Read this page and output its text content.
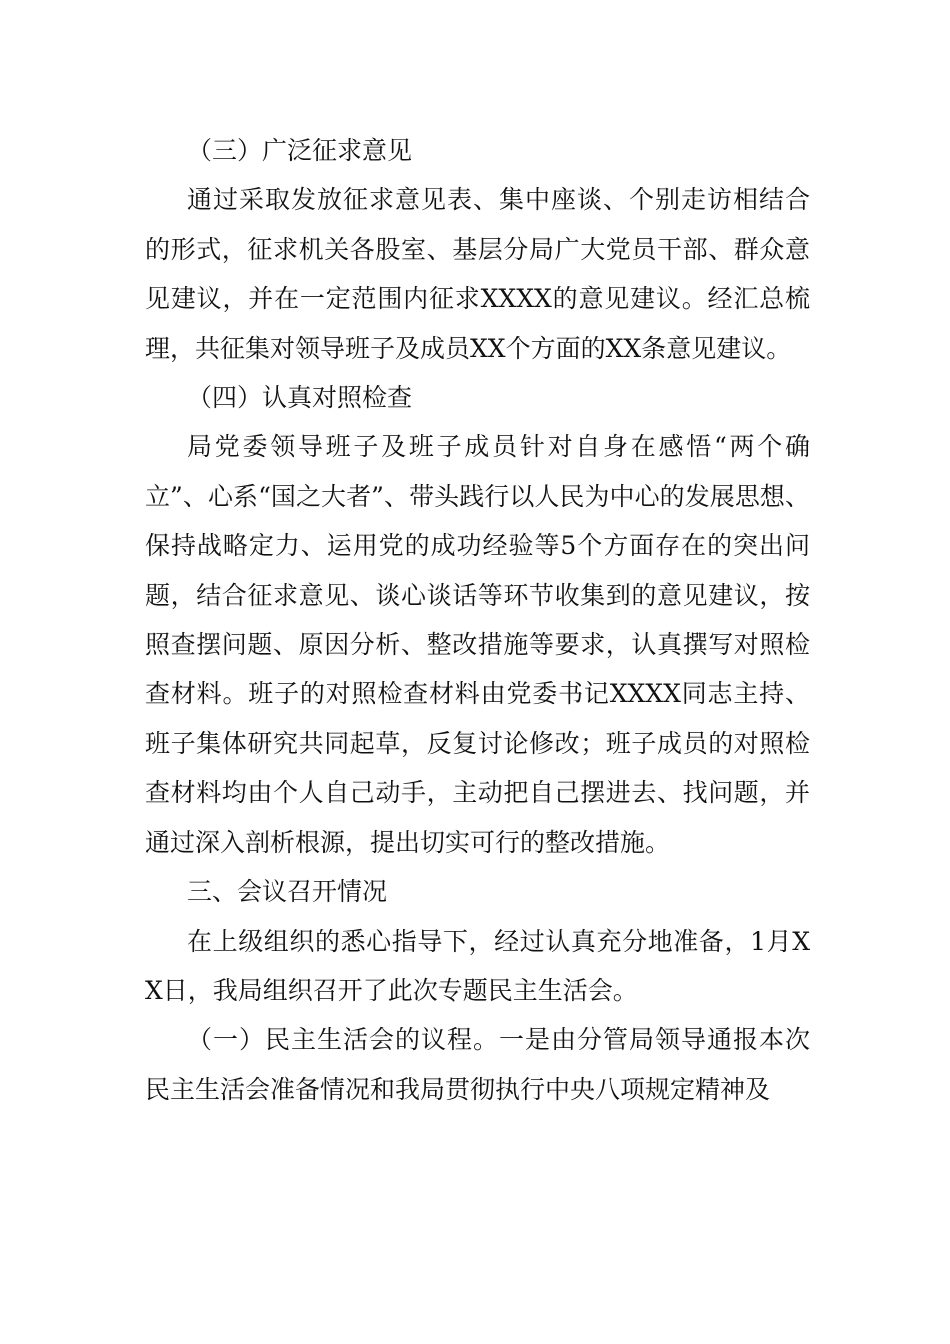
（三）广泛征求意见

通过采取发放征求意见表、集中座谈、个别走访相结合的形式，征求机关各股室、基层分局广大党员干部、群众意见建议，并在一定范围内征求XXXX的意见建议。经汇总梳理，共征集对领导班子及成员XX个方面的XX条意见建议。

（四）认真对照检查

局党委领导班子及班子成员针对自身在感悟“两个确立”、心系“国之大者”、带头践行以人民为中心的发展思想、保持战略定力、运用党的成功经验等5个方面存在的突出问题，结合征求意见、谈心谈话等环节收集到的意见建议，按照查摆问题、原因分析、整改措施等要求，认真撰写对照检查材料。班子的对照检查材料由党委书记XXXX同志主持、班子集体研究共同起草，反复讨论修改；班子成员的对照检查材料均由个人自己动手，主动把自己摆进去、找问题，并通过深入剖析根源，提出切实可行的整改措施。

三、会议召开情况

在上级组织的悉心指导下，经过认真充分地准备，1月XX日，我局组织召开了此次专题民主生活会。

（一）民主生活会的议程。一是由分管局领导通报本次民主生活会准备情况和我局贯彻执行中央八项规定精神及
